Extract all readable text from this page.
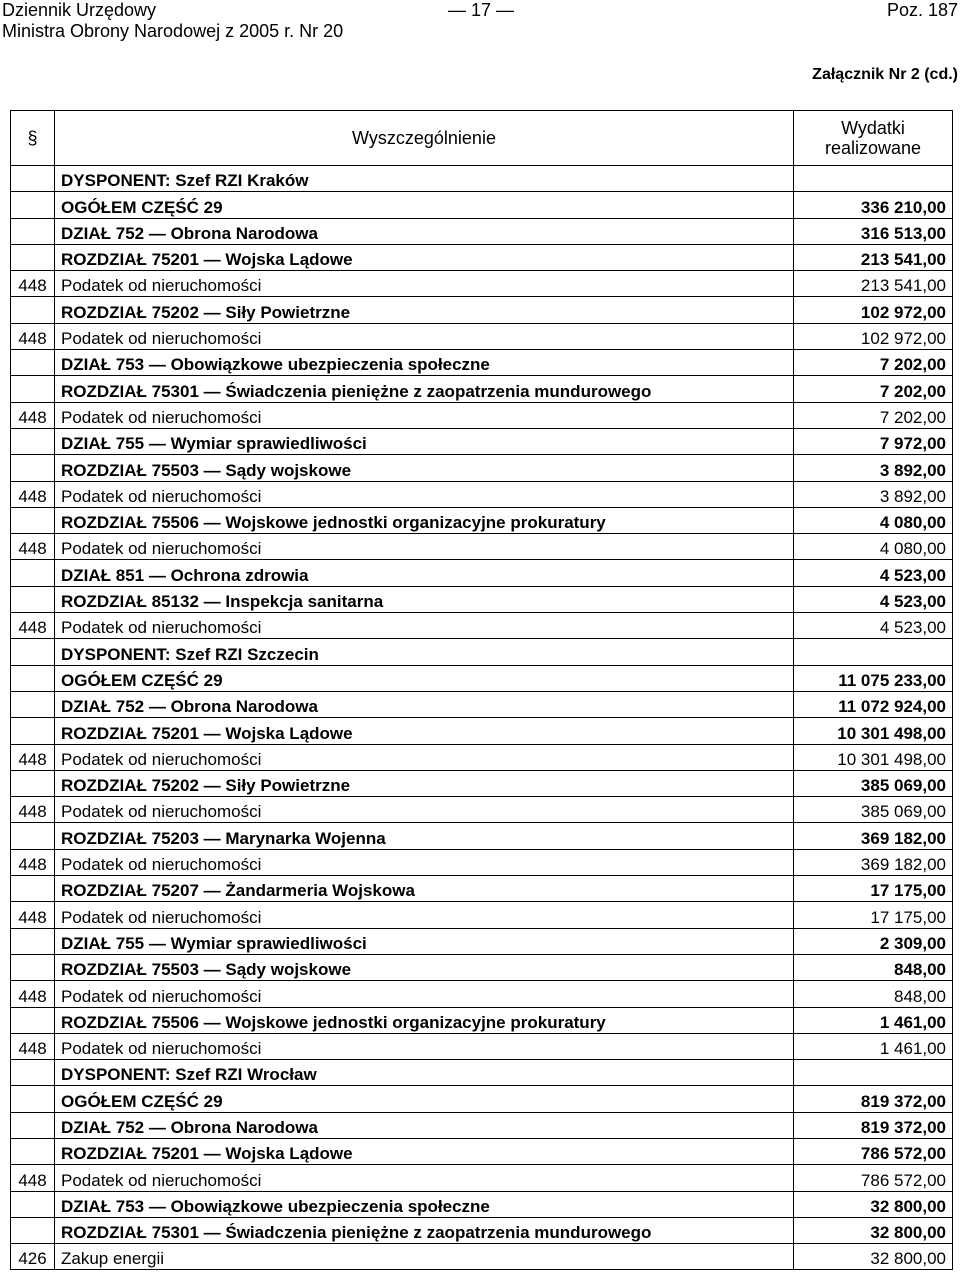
Dziennik Urzędowy	— 17 —	Poz. 187
Ministra Obrony Narodowej z 2005 r. Nr 20
Załącznik Nr 2 (cd.)
§	Wyszczególnienie	Wydatki realizowane
	DYSPONENT: Szef RZI Kraków	
	OGÓŁEM CZĘŚĆ 29	336 210,00
	DZIAŁ 752 — Obrona Narodowa	316 513,00
	ROZDZIAŁ 75201 — Wojska Lądowe	213 541,00
448	Podatek od nieruchomości	213 541,00
	ROZDZIAŁ 75202 — Siły Powietrzne	102 972,00
448	Podatek od nieruchomości	102 972,00
	DZIAŁ 753 — Obowiązkowe ubezpieczenia społeczne	7 202,00
	ROZDZIAŁ 75301 — Świadczenia pieniężne z zaopatrzenia mundurowego	7 202,00
448	Podatek od nieruchomości	7 202,00
	DZIAŁ 755 — Wymiar sprawiedliwości	7 972,00
	ROZDZIAŁ 75503 — Sądy wojskowe	3 892,00
448	Podatek od nieruchomości	3 892,00
	ROZDZIAŁ 75506 — Wojskowe jednostki organizacyjne prokuratury	4 080,00
448	Podatek od nieruchomości	4 080,00
	DZIAŁ 851 — Ochrona zdrowia	4 523,00
	ROZDZIAŁ 85132 — Inspekcja sanitarna	4 523,00
448	Podatek od nieruchomości	4 523,00
	DYSPONENT: Szef RZI Szczecin	
	OGÓŁEM CZĘŚĆ 29	11 075 233,00
	DZIAŁ 752 — Obrona Narodowa	11 072 924,00
	ROZDZIAŁ 75201 — Wojska Lądowe	10 301 498,00
448	Podatek od nieruchomości	10 301 498,00
	ROZDZIAŁ 75202 — Siły Powietrzne	385 069,00
448	Podatek od nieruchomości	385 069,00
	ROZDZIAŁ 75203 — Marynarka Wojenna	369 182,00
448	Podatek od nieruchomości	369 182,00
	ROZDZIAŁ 75207 — Żandarmeria Wojskowa	17 175,00
448	Podatek od nieruchomości	17 175,00
	DZIAŁ 755 — Wymiar sprawiedliwości	2 309,00
	ROZDZIAŁ 75503 — Sądy wojskowe	848,00
448	Podatek od nieruchomości	848,00
	ROZDZIAŁ 75506 — Wojskowe jednostki organizacyjne prokuratury	1 461,00
448	Podatek od nieruchomości	1 461,00
	DYSPONENT: Szef RZI Wrocław	
	OGÓŁEM CZĘŚĆ 29	819 372,00
	DZIAŁ 752 — Obrona Narodowa	819 372,00
	ROZDZIAŁ 75201 — Wojska Lądowe	786 572,00
448	Podatek od nieruchomości	786 572,00
	DZIAŁ 753 — Obowiązkowe ubezpieczenia społeczne	32 800,00
	ROZDZIAŁ 75301 — Świadczenia pieniężne z zaopatrzenia mundurowego	32 800,00
426	Zakup energii	32 800,00
